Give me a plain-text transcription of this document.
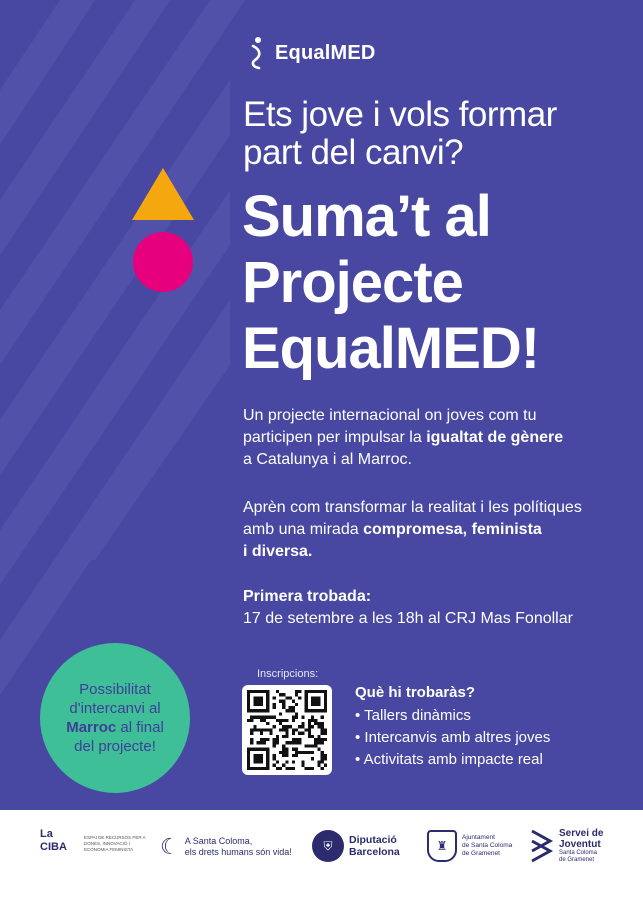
EqualMED
Ets jove i vols formar
part del canvi?
Suma’t al
Projecte
EqualMED!
Un projecte internacional on joves com tu
participen per impulsar la igualtat de gènere
a Catalunya i al Marroc.
Aprèn com transformar la realitat i les polítiques
amb una mirada compromesa, feminista
i diversa.
Primera trobada:
17 de setembre a les 18h al CRJ Mas Fonollar
Possibilitat
d'intercanvi al
Marroc al final
del projecte!
Inscripcions:
Què hi trobaràs?
• Tallers dinàmics
• Intercanvis amb altres joves
• Activitats amb impacte real
La
CIBA
ESPAI DE RECURSOS PER A DONES, INNOVACIÓ I ECONOMIA FEMINISTA	☾ A Santa Coloma,
els drets humans són vida!	⛨	Diputació
Barcelona	♜
Ajuntament
de Santa Coloma
de Gramenet
Servei de
Joventut
Santa Coloma
de Gramenet
